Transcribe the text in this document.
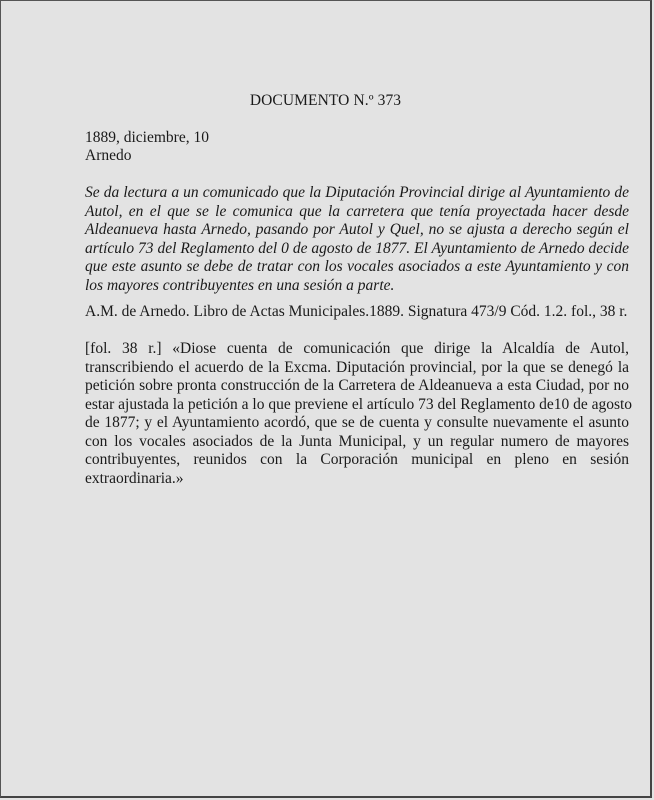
DOCUMENTO N.º 373
1889, diciembre, 10
Arnedo
Se da lectura a un comunicado que la Diputación Provincial dirige al Ayuntamiento de
Autol, en el que se le comunica que la carretera que tenía proyectada hacer desde
Aldeanueva hasta Arnedo, pasando por Autol y Quel, no se ajusta a derecho según el
artículo 73 del Reglamento del 0 de agosto de 1877. El Ayuntamiento de Arnedo decide
que este asunto se debe de tratar con los vocales asociados a este Ayuntamiento y con
los mayores contribuyentes en una sesión a parte.
A.M. de Arnedo. Libro de Actas Municipales.1889. Signatura 473/9 Cód. 1.2. fol., 38 r.
[fol. 38 r.] «Diose cuenta de comunicación que dirige la Alcaldía de Autol,
transcribiendo el acuerdo de la Excma. Diputación provincial, por la que se denegó la
petición sobre pronta construcción de la Carretera de Aldeanueva a esta Ciudad, por no
estar ajustada la petición a lo que previene el artículo 73 del Reglamento de10 de agosto
de 1877; y el Ayuntamiento acordó, que se de cuenta y consulte nuevamente el asunto
con los vocales asociados de la Junta Municipal, y un regular numero de mayores
contribuyentes, reunidos con la Corporación municipal en pleno en sesión
extraordinaria.»
